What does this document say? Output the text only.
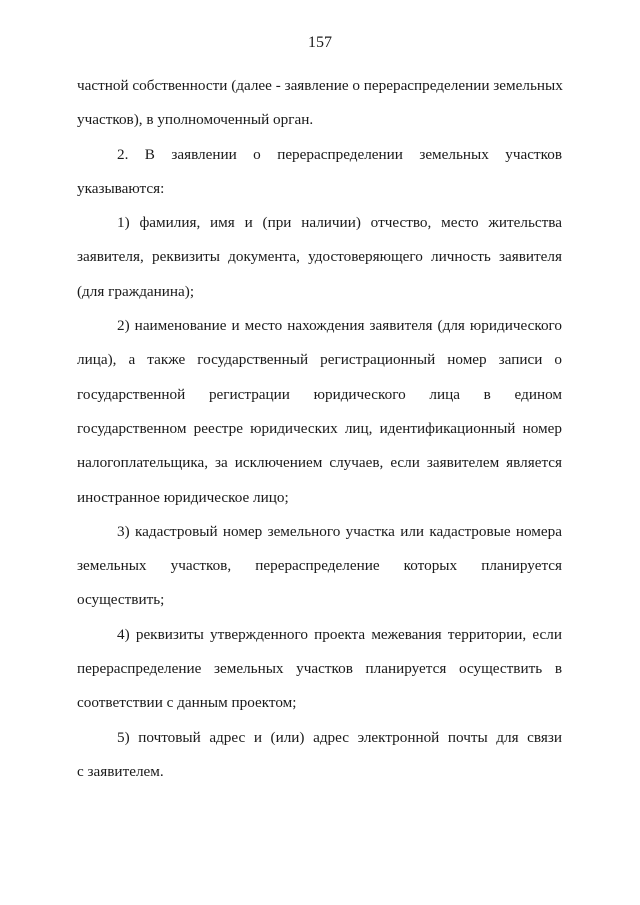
157
частной собственности (далее - заявление о перераспределении земельных
участков), в уполномоченный орган.
2. В заявлении о перераспределении земельных участков
указываются:
1) фамилия, имя и (при наличии) отчество, место жительства
заявителя, реквизиты документа, удостоверяющего личность заявителя
(для гражданина);
2) наименование и место нахождения заявителя (для юридического
лица), а также государственный регистрационный номер записи о
государственной регистрации юридического лица в едином
государственном реестре юридических лиц, идентификационный номер
налогоплательщика, за исключением случаев, если заявителем является
иностранное юридическое лицо;
3) кадастровый номер земельного участка или кадастровые номера
земельных участков, перераспределение которых планируется
осуществить;
4) реквизиты утвержденного проекта межевания территории, если
перераспределение земельных участков планируется осуществить в
соответствии с данным проектом;
5) почтовый адрес и (или) адрес электронной почты для связи
с заявителем.
